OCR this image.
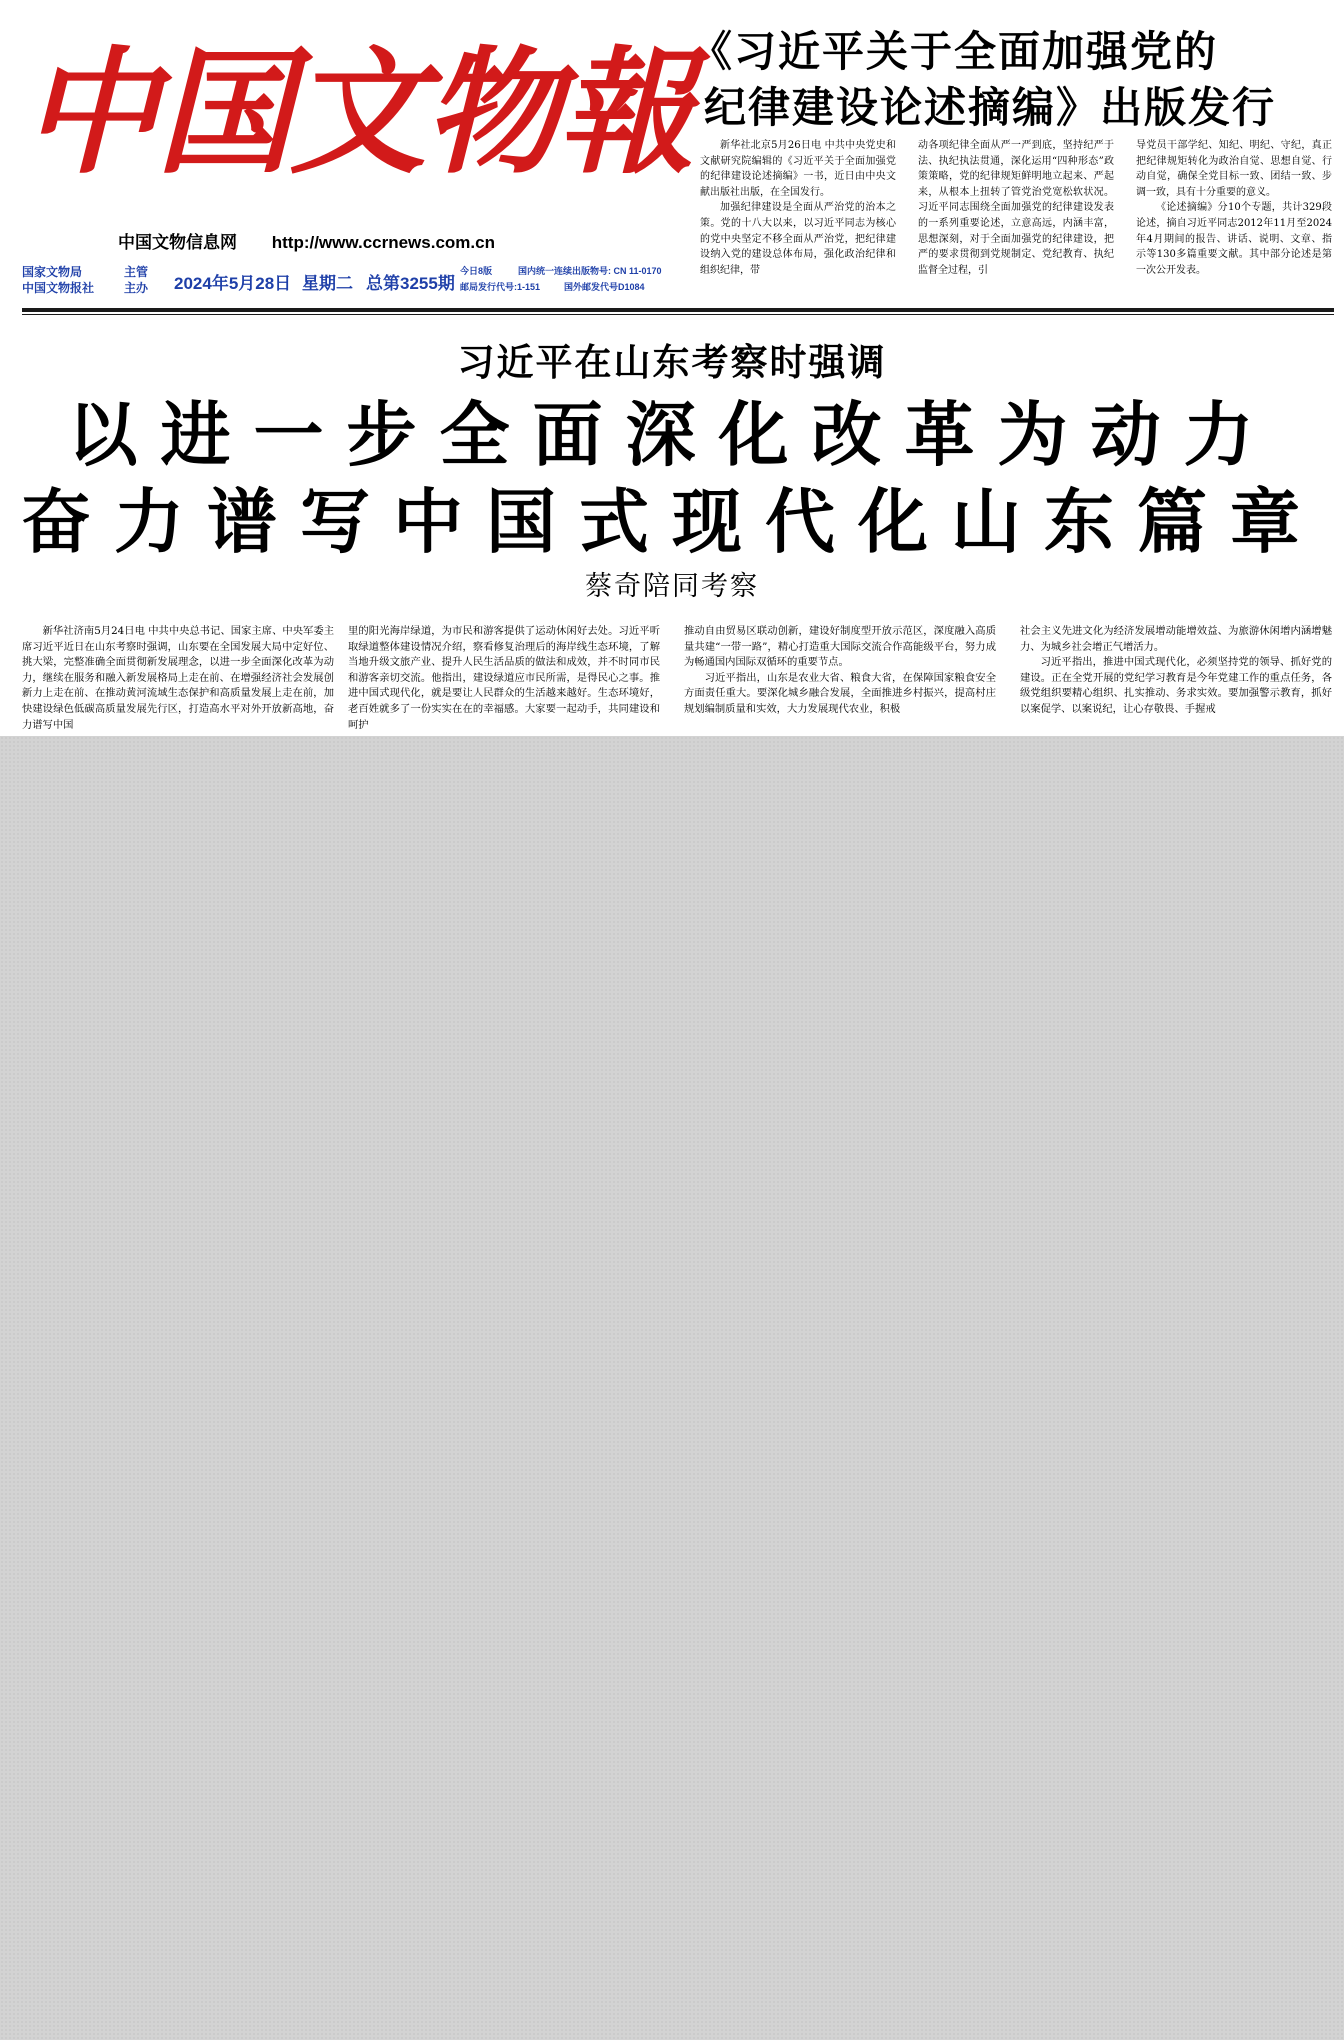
中国文物報
中国文物信息网 http://www.ccrnews.com.cn
国家文物局
中国文物报社
主管
主办 2024年5月28日 星期二 总第3255期
今日8版	国内统一连续出版物号: CN 11-0170
邮局发行代号:1-151	国外邮发代号D1084
《习近平关于全面加强党的
纪律建设论述摘编》出版发行

新华社北京5月26日电 中共中央党史和文献研究院编辑的《习近平关于全面加强党的纪律建设论述摘编》一书，近日由中央文献出版社出版，在全国发行。

加强纪律建设是全面从严治党的治本之策。党的十八大以来，以习近平同志为核心的党中央坚定不移全面从严治党，把纪律建设纳入党的建设总体布局，强化政治纪律和组织纪律，带

动各项纪律全面从严一严到底，坚持纪严于法、执纪执法贯通，深化运用“四种形态”政策策略，党的纪律规矩鲜明地立起来、严起来，从根本上扭转了管党治党宽松软状况。习近平同志围绕全面加强党的纪律建设发表的一系列重要论述，立意高远，内涵丰富，思想深刻，对于全面加强党的纪律建设，把严的要求贯彻到党规制定、党纪教育、执纪监督全过程，引

导党员干部学纪、知纪、明纪、守纪，真正把纪律规矩转化为政治自觉、思想自觉、行动自觉，确保全党目标一致、团结一致、步调一致，具有十分重要的意义。

《论述摘编》分10个专题，共计329段论述，摘自习近平同志2012年11月至2024年4月期间的报告、讲话、说明、文章、指示等130多篇重要文献。其中部分论述是第一次公开发表。

习近平在山东考察时强调
以进一步全面深化改革为动力
奋力谱写中国式现代化山东篇章
蔡奇陪同考察

新华社济南5月24日电 中共中央总书记、国家主席、中央军委主席习近平近日在山东考察时强调，山东要在全国发展大局中定好位、挑大梁，完整准确全面贯彻新发展理念，以进一步全面深化改革为动力，继续在服务和融入新发展格局上走在前、在增强经济社会发展创新力上走在前、在推动黄河流域生态保护和高质量发展上走在前，加快建设绿色低碳高质量发展先行区，打造高水平对外开放新高地，奋力谱写中国

里的阳光海岸绿道，为市民和游客提供了运动休闲好去处。习近平听取绿道整体建设情况介绍，察看修复治理后的海岸线生态环境，了解当地升级文旅产业、提升人民生活品质的做法和成效，并不时同市民和游客亲切交流。他指出，建设绿道应市民所需，是得民心之事。推进中国式现代化，就是要让人民群众的生活越来越好。生态环境好，老百姓就多了一份实实在在的幸福感。大家要一起动手，共同建设和呵护

推动自由贸易区联动创新，建设好制度型开放示范区，深度融入高质量共建“一带一路”，精心打造重大国际交流合作高能级平台，努力成为畅通国内国际双循环的重要节点。

习近平指出，山东是农业大省、粮食大省，在保障国家粮食安全方面责任重大。要深化城乡融合发展，全面推进乡村振兴，提高村庄规划编制质量和实效，大力发展现代农业，积极

社会主义先进文化为经济发展增动能增效益、为旅游休闲增内涵增魅力、为城乡社会增正气增活力。

习近平指出，推进中国式现代化，必须坚持党的领导、抓好党的建设。正在全党开展的党纪学习教育是今年党建工作的重点任务，各级党组织要精心组织、扎实推动、务求实效。要加强警示教育，抓好以案促学、以案说纪，让心存敬畏、手握戒
